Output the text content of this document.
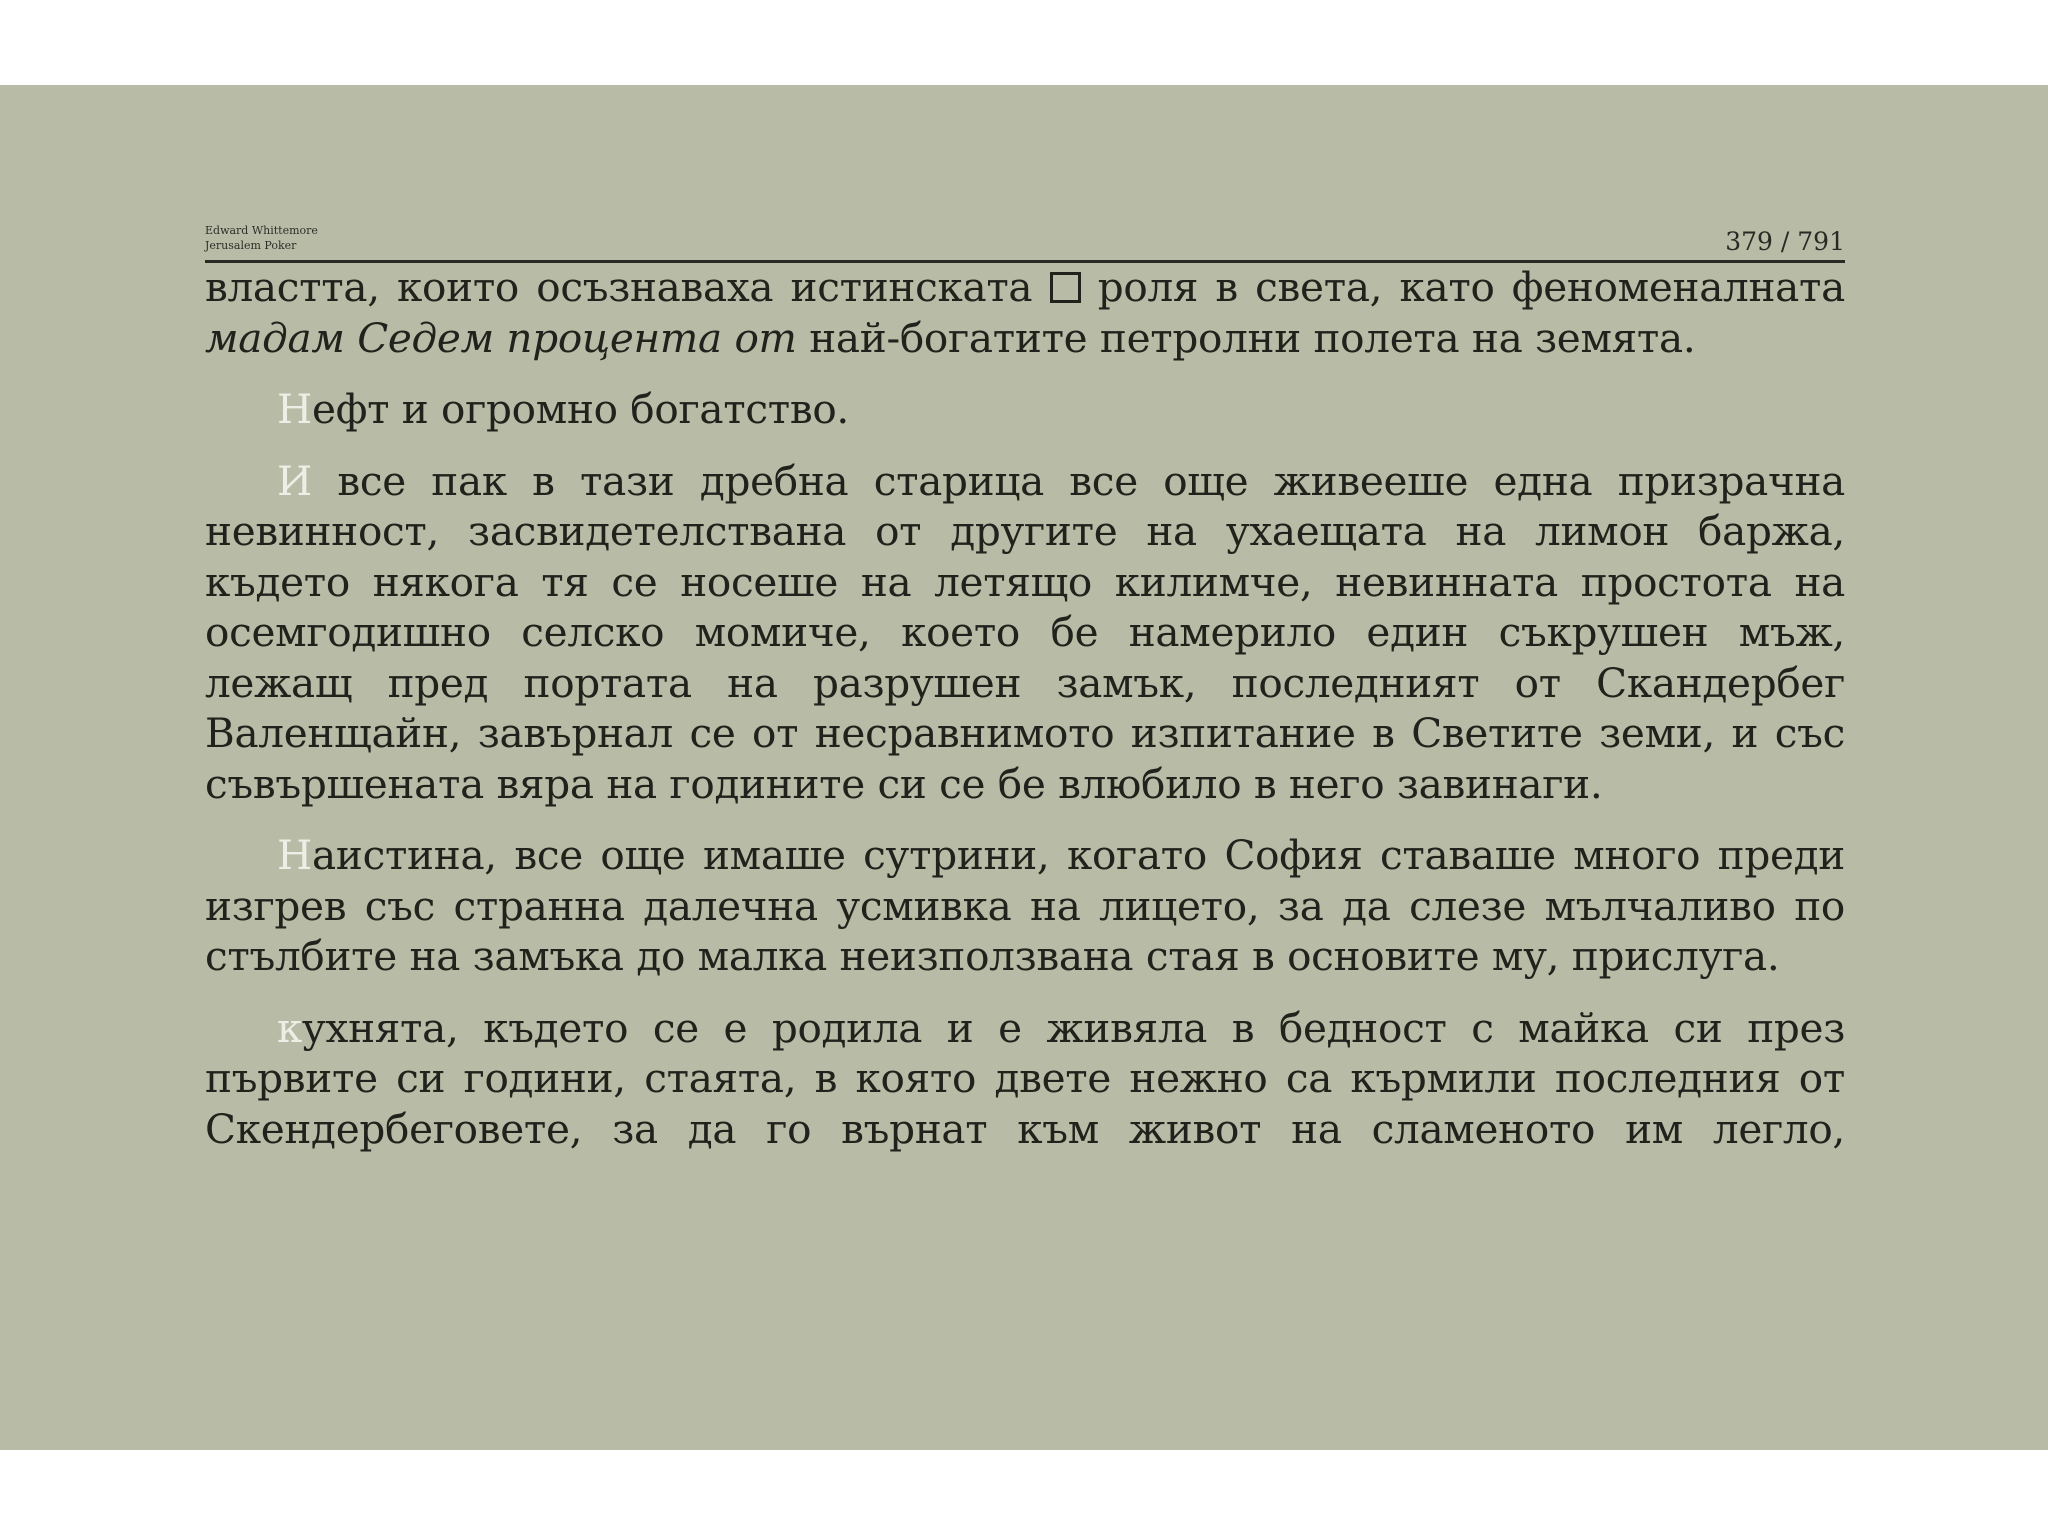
Edward Whittemore
Jerusalem Poker	379 / 791

властта, които осъзнаваха истинската  роля в света, като феноменалната мадам Седем процента от най-богатите петролни полета на земята.

Нефт и огромно богатство.

И все пак в тази дребна старица все още живееше една призрачна невинност, засвидетелствана от другите на ухаещата на лимон баржа, където някога тя се носеше на летящо килимче, невинната простота на осемгодишно селско момиче, което бе намерило един съкрушен мъж, лежащ пред портата на разрушен замък, последният от Скандербег Валенщайн, завърнал се от несравнимото изпитание в Светите земи, и със съвършената вяра на годините си се бе влюбило в него завинаги.

Наистина, все още имаше сутрини, когато София ставаше много преди изгрев със странна далечна усмивка на лицето, за да слезе мълчаливо по стълбите на замъка до малка неизползвана стая в основите му, прислуга.

кухнята, където се е родила и е живяла в бедност с майка си през първите си години, стаята, в която двете нежно са кърмили последния от Скендербеговете, за да го върнат към живот на сламеното им легло,
